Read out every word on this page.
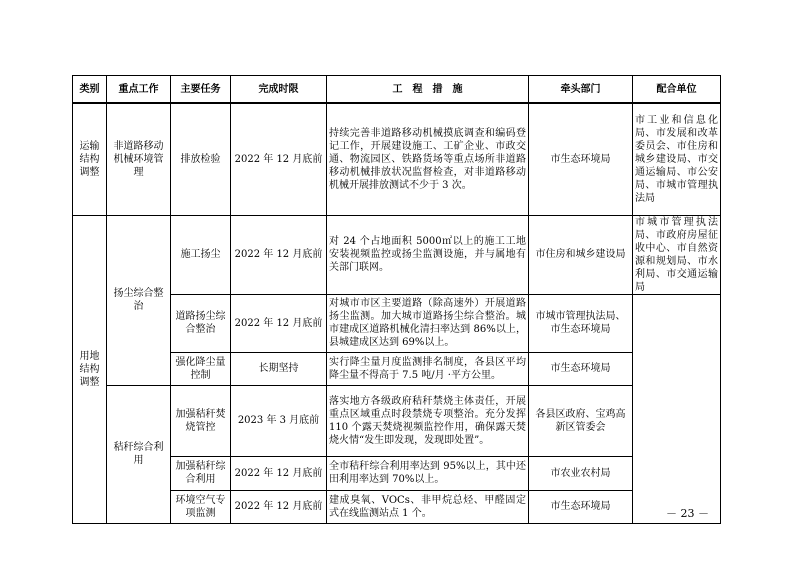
类别	重点工作	主要任务	完成时限	工　程　措　施	牵头部门	配合单位
运输结构调整	非道路移动机械环境管理	排放检验	2022 年 12 月底前	持续完善非道路移动机械摸底调查和编码登记工作，开展建设施工、工矿企业、市政交通、物流园区、铁路货场等重点场所非道路移动机械排放状况监督检查，对非道路移动机械开展排放测试不少于 3 次。	市生态环境局	市工业和信息化局、市发展和改革委员会、市住房和城乡建设局、市交通运输局、市公安局、市城市管理执法局
用地结构调整	扬尘综合整治	施工扬尘	2022 年 12 月底前	对 24 个占地面积 5000㎡以上的施工工地安装视频监控或扬尘监测设施，并与属地有关部门联网。	市住房和城乡建设局	市城市管理执法局、市政府房屋征收中心、市自然资源和规划局、市水利局、市交通运输局
		道路扬尘综合整治	2022 年 12 月底前	对城市市区主要道路（除高速外）开展道路扬尘监测。加大城市道路扬尘综合整治。城市建成区道路机械化清扫率达到 86%以上，县城建成区达到 69%以上。	市城市管理执法局、市生态环境局	
		强化降尘量控制	长期坚持	实行降尘量月度监测排名制度，各县区平均降尘量不得高于 7.5 吨/月 ·平方公里。	市生态环境局	
	秸秆综合利用	加强秸秆焚烧管控	2023 年 3 月底前	落实地方各级政府秸秆禁烧主体责任，开展重点区域重点时段禁烧专项整治。充分发挥 110 个露天焚烧视频监控作用，确保露天焚烧火情“发生即发现，发现即处置”。	各县区政府、宝鸡高新区管委会	
		加强秸秆综合利用	2022 年 12 月底前	全市秸秆综合利用率达到 95%以上，其中还田利用率达到 70%以上。	市农业农村局	
		环境空气专项监测	2022 年 12 月底前	建成臭氧、VOCs、非甲烷总烃、甲醛固定式在线监测站点 1 个。	市生态环境局	
－ 23 －
